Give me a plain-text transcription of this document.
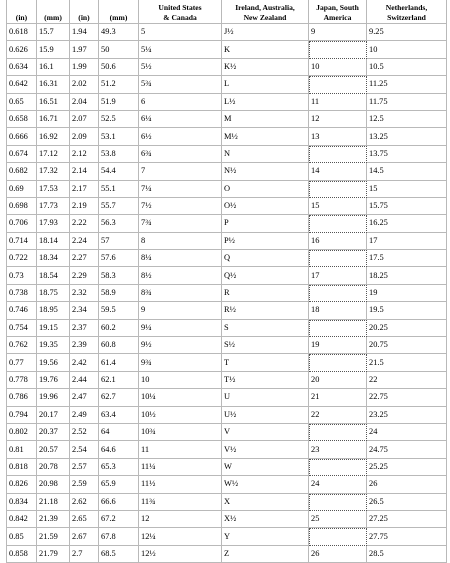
(in)	(mm)	(in)	(mm)	United States
& Canada	Ireland, Australia,
New Zealand	Japan, South
America	Netherlands,
Switzerland
0.618	15.7	1.94	49.3	5	J½	9	9.25
0.626	15.9	1.97	50	5¼	K		10
0.634	16.1	1.99	50.6	5½	K½	10	10.5
0.642	16.31	2.02	51.2	5¾	L		11.25
0.65	16.51	2.04	51.9	6	L½	11	11.75
0.658	16.71	2.07	52.5	6¼	M	12	12.5
0.666	16.92	2.09	53.1	6½	M½	13	13.25
0.674	17.12	2.12	53.8	6¾	N		13.75
0.682	17.32	2.14	54.4	7	N½	14	14.5
0.69	17.53	2.17	55.1	7¼	O		15
0.698	17.73	2.19	55.7	7½	O½	15	15.75
0.706	17.93	2.22	56.3	7¾	P		16.25
0.714	18.14	2.24	57	8	P½	16	17
0.722	18.34	2.27	57.6	8¼	Q		17.5
0.73	18.54	2.29	58.3	8½	Q½	17	18.25
0.738	18.75	2.32	58.9	8¾	R		19
0.746	18.95	2.34	59.5	9	R½	18	19.5
0.754	19.15	2.37	60.2	9¼	S		20.25
0.762	19.35	2.39	60.8	9½	S½	19	20.75
0.77	19.56	2.42	61.4	9¾	T		21.5
0.778	19.76	2.44	62.1	10	T½	20	22
0.786	19.96	2.47	62.7	10¼	U	21	22.75
0.794	20.17	2.49	63.4	10½	U½	22	23.25
0.802	20.37	2.52	64	10¾	V		24
0.81	20.57	2.54	64.6	11	V½	23	24.75
0.818	20.78	2.57	65.3	11¼	W		25.25
0.826	20.98	2.59	65.9	11½	W½	24	26
0.834	21.18	2.62	66.6	11¾	X		26.5
0.842	21.39	2.65	67.2	12	X½	25	27.25
0.85	21.59	2.67	67.8	12¼	Y		27.75
0.858	21.79	2.7	68.5	12½	Z	26	28.5
